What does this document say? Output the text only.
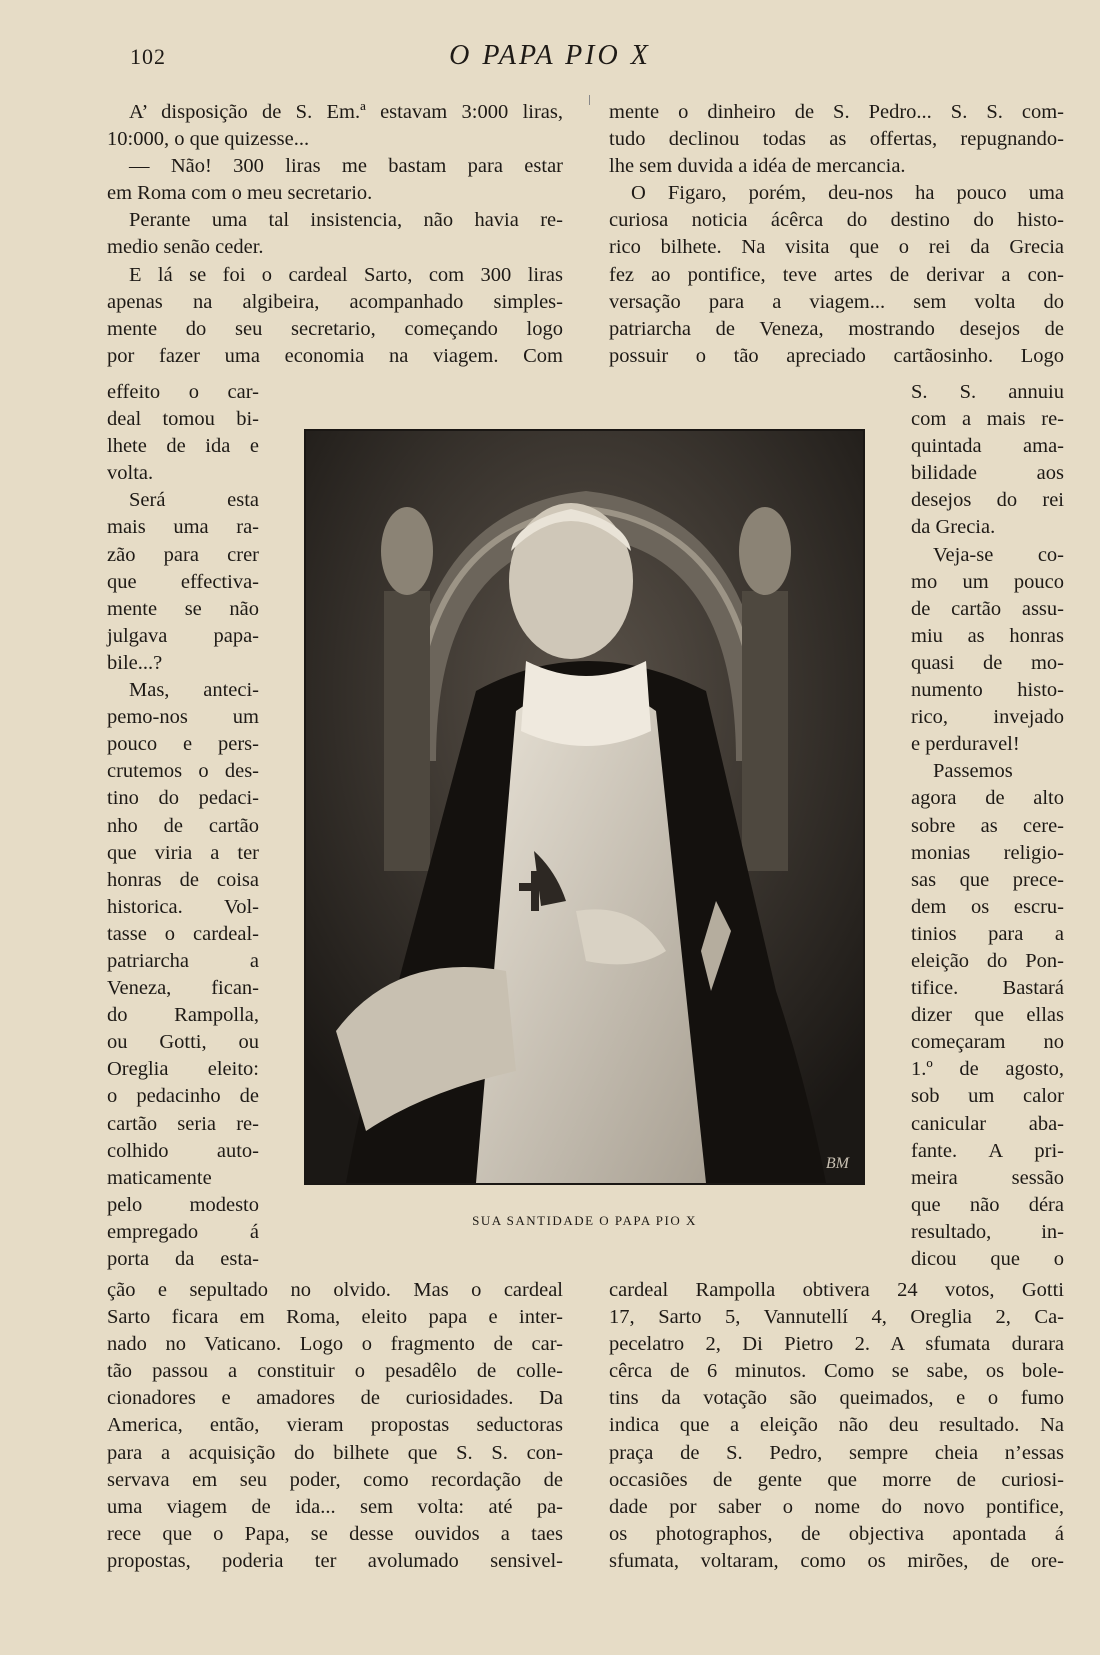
102	O PAPA PIO X
A’ disposição de S. Em.ª estavam 3:000 liras,
10:000, o que quizesse...
— Não! 300 liras me bastam para estar
em Roma com o meu secretario.
Perante uma tal insistencia, não havia re-
medio senão ceder.
E lá se foi o cardeal Sarto, com 300 liras
apenas na algibeira, acompanhado simples-
mente do seu secretario, começando logo
por fazer uma economia na viagem. Com
effeito o car-
deal tomou bi-
lhete de ida e
volta.
Será esta
mais uma ra-
zão para crer
que effectiva-
mente se não
julgava papa-
bile...?
Mas, anteci-
pemo-nos um
pouco e pers-
crutemos o des-
tino do pedaci-
nho de cartão
que viria a ter
honras de coisa
historica. Vol-
tasse o cardeal-
patriarcha a
Veneza, fican-
do Rampolla,
ou Gotti, ou
Oreglia eleito:
o pedacinho de
cartão seria re-
colhido auto-
maticamente
pelo modesto
empregado á
porta da esta-
ção e sepultado no olvido. Mas o cardeal
Sarto ficara em Roma, eleito papa e inter-
nado no Vaticano. Logo o fragmento de car-
tão passou a constituir o pesadêlo de colle-
cionadores e amadores de curiosidades. Da
America, então, vieram propostas seductoras
para a acquisição do bilhete que S. S. con-
servava em seu poder, como recordação de
uma viagem de ida... sem volta: até pa-
rece que o Papa, se desse ouvidos a taes
propostas, poderia ter avolumado sensivel-
mente o dinheiro de S. Pedro... S. S. com-
tudo declinou todas as offertas, repugnando-
lhe sem duvida a idéa de mercancia.
O Figaro, porém, deu-nos ha pouco uma
curiosa noticia ácêrca do destino do histo-
rico bilhete. Na visita que o rei da Grecia
fez ao pontifice, teve artes de derivar a con-
versação para a viagem... sem volta do
patriarcha de Veneza, mostrando desejos de
possuir o tão apreciado cartãosinho. Logo
S. S. annuiu
com a mais re-
quintada ama-
bilidade aos
desejos do rei
da Grecia.
Veja-se co-
mo um pouco
de cartão assu-
miu as honras
quasi de mo-
numento histo-
rico, invejado
e perduravel!
Passemos
agora de alto
sobre as cere-
monias religio-
sas que prece-
dem os escru-
tinios para a
eleição do Pon-
tifice. Bastará
dizer que ellas
começaram no
1.º de agosto,
sob um calor
canicular aba-
fante. A pri-
meira sessão
que não déra
resultado, in-
dicou que o
cardeal Rampolla obtivera 24 votos, Gotti
17, Sarto 5, Vannutellí 4, Oreglia 2, Ca-
pecelatro 2, Di Pietro 2. A sfumata durara
cêrca de 6 minutos. Como se sabe, os bole-
tins da votação são queimados, e o fumo
indica que a eleição não deu resultado. Na
praça de S. Pedro, sempre cheia n’essas
occasiões de gente que morre de curiosi-
dade por saber o nome do novo pontifice,
os photographos, de objectiva apontada á
sfumata, voltaram, como os mirões, de ore-
BM
SUA SANTIDADE O PAPA PIO X
